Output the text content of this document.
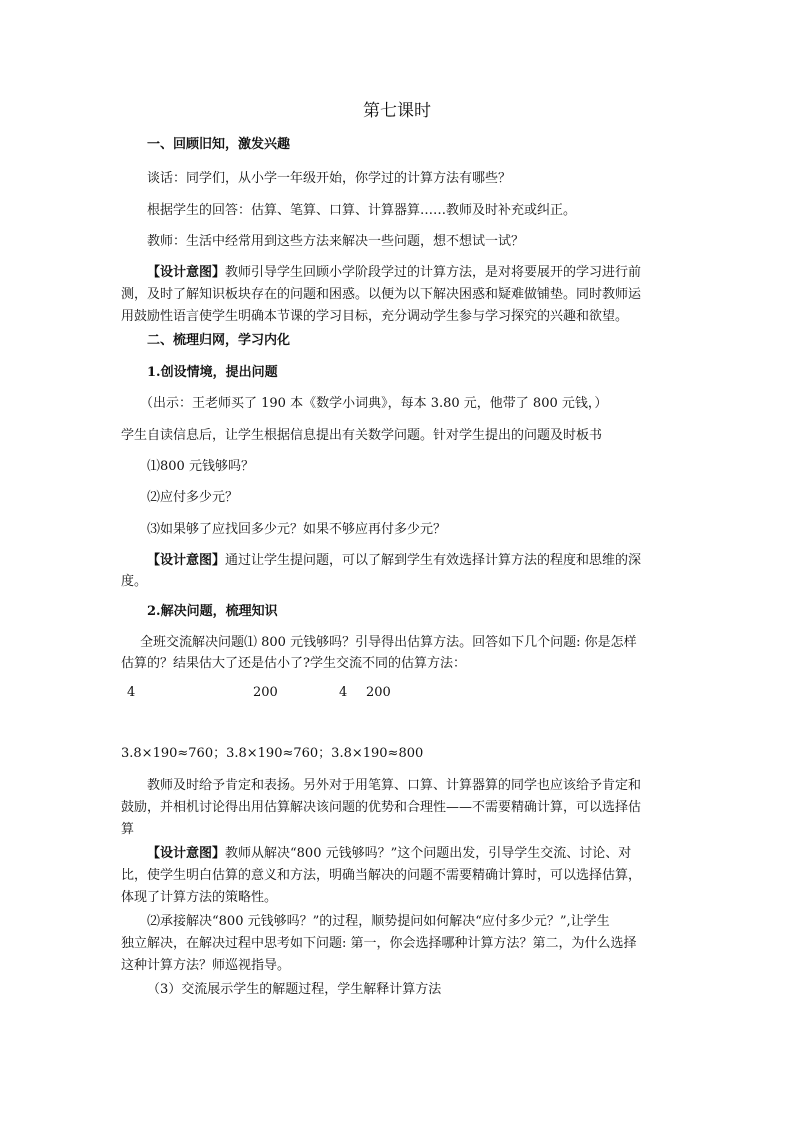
第七课时
一、回顾旧知，激发兴趣
谈话：同学们，从小学一年级开始，你学过的计算方法有哪些？
根据学生的回答：估算、笔算、口算、计算器算……教师及时补充或纠正。
教师：生活中经常用到这些方法来解决一些问题，想不想试一试？
【设计意图】教师引导学生回顾小学阶段学过的计算方法，是对将要展开的学习进行前
测，及时了解知识板块存在的问题和困惑。以便为以下解决困惑和疑难做铺垫。同时教师运
用鼓励性语言使学生明确本节课的学习目标，充分调动学生参与学习探究的兴趣和欲望。
二、梳理归网，学习内化
1.创设情境，提出问题
（出示：王老师买了 190 本《数学小词典》，每本 3.80 元，他带了 800 元钱，）
学生自读信息后，让学生根据信息提出有关数学问题。针对学生提出的问题及时板书
⑴800 元钱够吗？
⑵应付多少元？
⑶如果够了应找回多少元？如果不够应再付多少元？
【设计意图】通过让学生提问题，可以了解到学生有效选择计算方法的程度和思维的深
度。
2.解决问题，梳理知识
全班交流解决问题⑴ 800 元钱够吗？引导得出估算方法。回答如下几个问题: 你是怎样
估算的？结果估大了还是估小了?学生交流不同的估算方法：
4	200	4 200
3.8×190≈760；3.8×190≈760；3.8×190≈800
教师及时给予肯定和表扬。另外对于用笔算、口算、计算器算的同学也应该给予肯定和
鼓励，并相机讨论得出用估算解决该问题的优势和合理性——不需要精确计算，可以选择估
算
【设计意图】教师从解决“800 元钱够吗？”这个问题出发，引导学生交流、讨论、对
比，使学生明白估算的意义和方法，明确当解决的问题不需要精确计算时，可以选择估算，
体现了计算方法的策略性。
⑵承接解决“800 元钱够吗？”的过程，顺势提问如何解决“应付多少元？”,让学生
独立解决，在解决过程中思考如下问题: 第一，你会选择哪种计算方法？第二，为什么选择
这种计算方法？师巡视指导。
（3）交流展示学生的解题过程，学生解释计算方法
